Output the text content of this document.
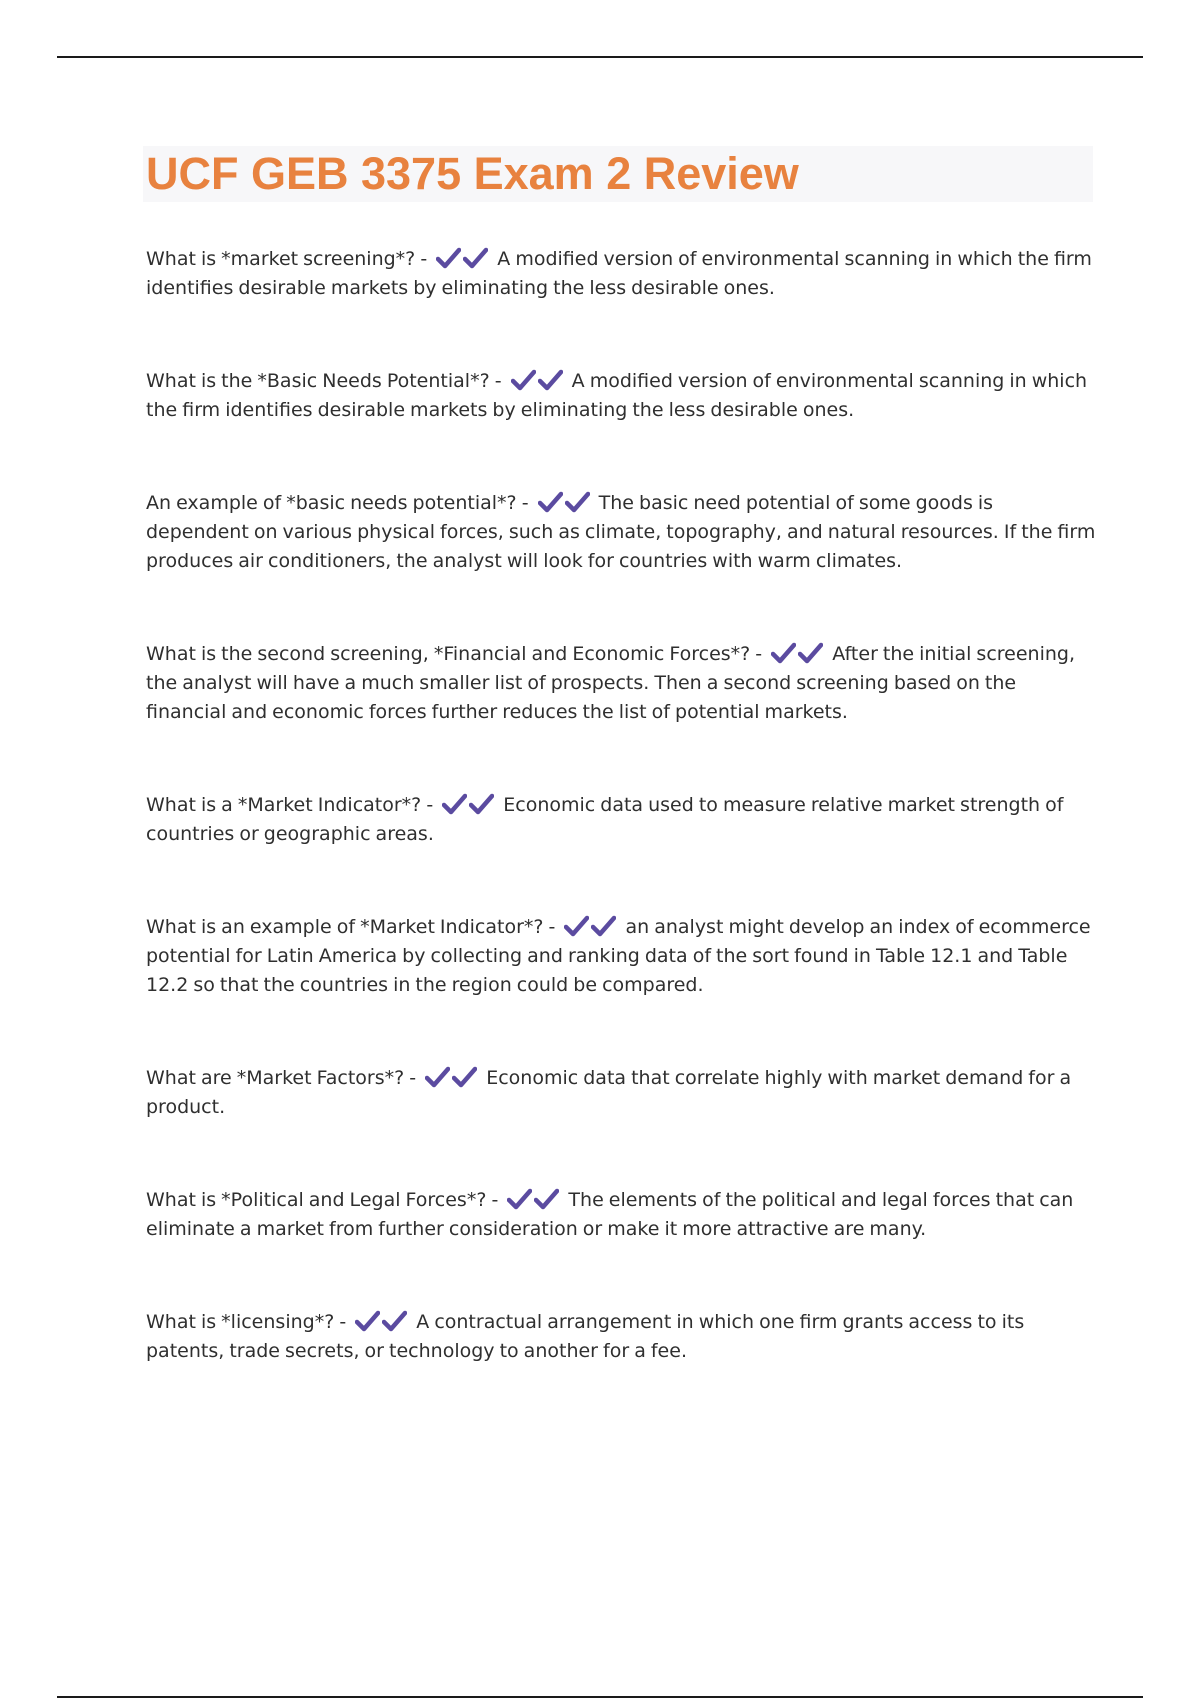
UCF GEB 3375 Exam 2 Review

What is *market screening*? -	A modified version of environmental scanning in which the firm identifies desirable markets by eliminating the less desirable ones.

What is the *Basic Needs Potential*? -	A modified version of environmental scanning in which the firm identifies desirable markets by eliminating the less desirable ones.

An example of *basic needs potential*? -	The basic need potential of some goods is dependent on various physical forces, such as climate, topography, and natural resources. If the firm produces air conditioners, the analyst will look for countries with warm climates.

What is the second screening, *Financial and Economic Forces*? -	After the initial screening, the analyst will have a much smaller list of prospects. Then a second screening based on the financial and economic forces further reduces the list of potential markets.

What is a *Market Indicator*? -	Economic data used to measure relative market strength of countries or geographic areas.

What is an example of *Market Indicator*? -	an analyst might develop an index of ecommerce potential for Latin America by collecting and ranking data of the sort found in Table 12.1 and Table 12.2 so that the countries in the region could be compared.

What are *Market Factors*? -	Economic data that correlate highly with market demand for a product.

What is *Political and Legal Forces*? -	The elements of the political and legal forces that can eliminate a market from further consideration or make it more attractive are many.

What is *licensing*? -	A contractual arrangement in which one firm grants access to its patents, trade secrets, or technology to another for a fee.
